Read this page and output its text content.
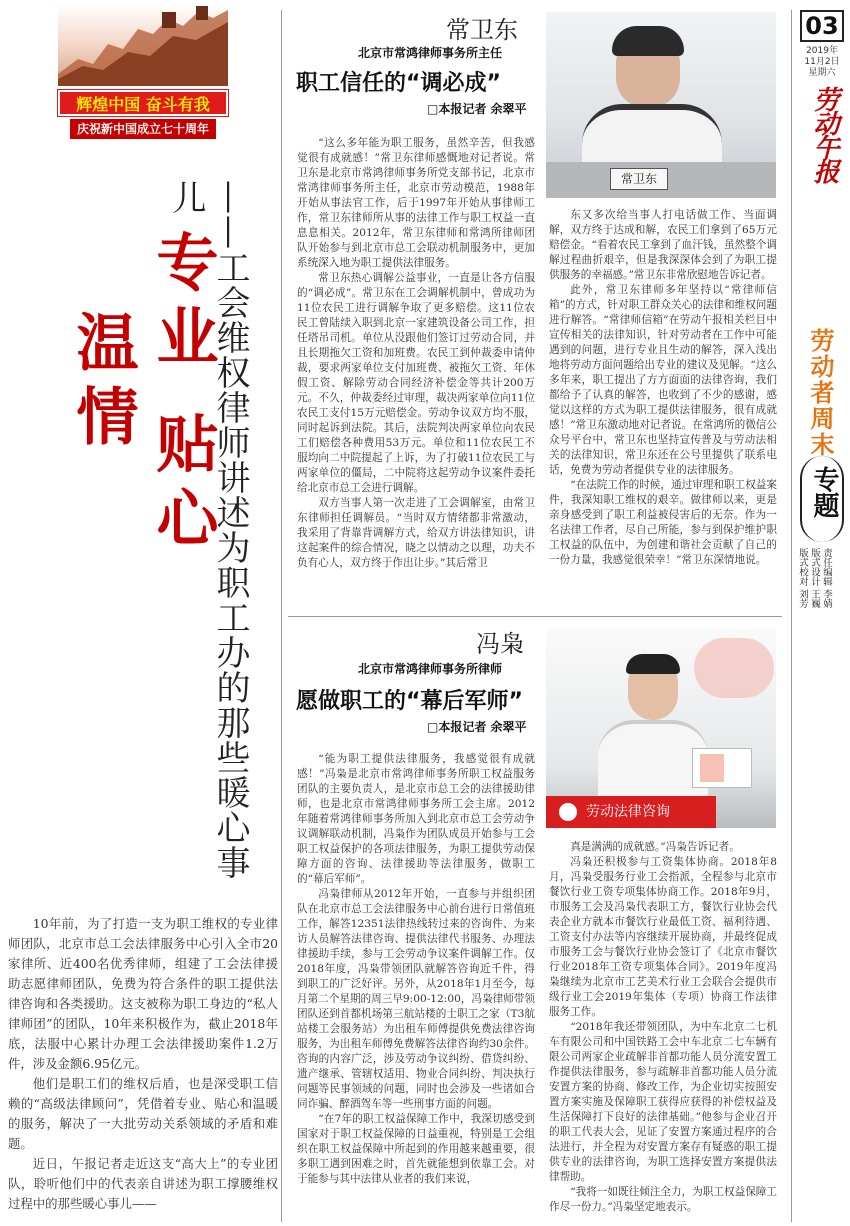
辉煌中国 奋斗有我
庆祝新中国成立七十周年
专业 贴心
温情	——工会维权律师讲述为职工办的那些暖心事儿

10年前，为了打造一支为职工维权的专业律师团队，北京市总工会法律服务中心引入全市20家律所、近400名优秀律师，组建了工会法律援助志愿律师团队，免费为符合条件的职工提供法律咨询和各类援助。这支被称为职工身边的“私人律师团”的团队，10年来积极作为，截止2018年底，法服中心累计办理工会法律援助案件1.2万件，涉及金额6.95亿元。

他们是职工们的维权后盾，也是深受职工信赖的“高级法律顾问”，凭借着专业、贴心和温暖的服务，解决了一大批劳动关系领域的矛盾和难题。

近日，午报记者走近这支“高大上”的专业团队，聆听他们中的代表亲自讲述为职工撑腰维权过程中的那些暖心事儿——

常卫东
北京市常鸿律师事务所主任
职工信任的“调必成”
□本报记者 余翠平
常卫东

“这么多年能为职工服务，虽然辛苦，但我感觉很有成就感！”常卫东律师感慨地对记者说。常卫东是北京市常鸿律师事务所党支部书记，北京市常鸿律师事务所主任，北京市劳动模范，1988年开始从事法官工作，后于1997年开始从事律师工作，常卫东律师所从事的法律工作与职工权益一直息息相关。2012年，常卫东律师和常鸿所律师团队开始参与到北京市总工会联动机制服务中，更加系统深入地为职工提供法律服务。

常卫东热心调解公益事业，一直是让各方信服的“调必成”。常卫东在工会调解机制中，曾成功为11位农民工进行调解争取了更多赔偿。这11位农民工曾陆续入职到北京一家建筑设备公司工作，担任塔吊司机。单位从没跟他们签订过劳动合同，并且长期拖欠工资和加班费。农民工到仲裁委申请仲裁，要求两家单位支付加班费、被拖欠工资、年休假工资、解除劳动合同经济补偿金等共计200万元。不久，仲裁委经过审理，裁决两家单位向11位农民工支付15万元赔偿金。劳动争议双方均不服，同时起诉到法院。其后，法院判决两家单位向农民工们赔偿各种费用53万元。单位和11位农民工不服均向二中院提起了上诉，为了打破11位农民工与两家单位的僵局，二中院将这起劳动争议案件委托给北京市总工会进行调解。

双方当事人第一次走进了工会调解室，由常卫东律师担任调解员。“当时双方情绪都非常激动，我采用了背靠背调解方式，给双方讲法律知识，讲这起案件的综合情况，晓之以情动之以理，功夫不负有心人，双方终于作出让步。”其后常卫

东又多次给当事人打电话做工作、当面调解，双方终于达成和解，农民工们拿到了65万元赔偿金。“看着农民工拿到了血汗钱，虽然整个调解过程曲折艰辛，但是我深深体会到了为职工提供服务的幸福感。”常卫东非常欣慰地告诉记者。

此外，常卫东律师多年坚持以“常律师信箱”的方式，针对职工群众关心的法律和维权问题进行解答。“常律师信箱”在劳动午报相关栏目中宣传相关的法律知识，针对劳动者在工作中可能遇到的问题，进行专业且生动的解答，深入浅出地将劳动方面问题给出专业的建议及见解。“这么多年来，职工提出了方方面面的法律咨询，我们都给予了认真的解答，也收到了不少的感谢，感觉以这样的方式为职工提供法律服务，很有成就感！”常卫东激动地对记者说。在常鸿所的微信公众号平台中，常卫东也坚持宣传普及与劳动法相关的法律知识，常卫东还在公号里提供了联系电话，免费为劳动者提供专业的法律服务。

“在法院工作的时候，通过审理和职工权益案件，我深知职工维权的艰辛。做律师以来，更是亲身感受到了职工利益被侵害后的无奈。作为一名法律工作者，尽自己所能，参与到保护维护职工权益的队伍中，为创建和谐社会贡献了自己的一份力量，我感觉很荣幸！”常卫东深情地说。

冯枭
北京市常鸿律师事务所律师
愿做职工的“幕后军师”
□本报记者 余翠平
劳动法律咨询

“能为职工提供法律服务，我感觉很有成就感！”冯枭是北京市常鸿律师事务所职工权益服务团队的主要负责人，是北京市总工会的法律援助律师，也是北京市常鸿律师事务所工会主席。2012年随着常鸿律师事务所加入到北京市总工会劳动争议调解联动机制，冯枭作为团队成员开始参与工会职工权益保护的各项法律服务，为职工提供劳动保障方面的咨询、法律援助等法律服务，做职工的“幕后军师”。

冯枭律师从2012年开始，一直参与并组织团队在北京市总工会法律服务中心前台进行日常值班工作，解答12351法律热线转过来的咨询件、为来访人员解答法律咨询、提供法律代书服务、办理法律援助手续，参与工会劳动争议案件调解工作。仅2018年度，冯枭带领团队就解答咨询近千件，得到职工的广泛好评。另外，从2018年1月至今，每月第二个星期的周三早9:00-12:00，冯枭律师带领团队还到首都机场第三航站楼的士职工之家（T3航站楼工会服务站）为出租车师傅提供免费法律咨询服务，为出租车师傅免费解答法律咨询约30余件。咨询的内容广泛，涉及劳动争议纠纷、借贷纠纷、遗产继承、管辖权适用、物业合同纠纷、判决执行问题等民事领域的问题，同时也会涉及一些诸如合同诈骗、醉酒驾车等一些刑事方面的问题。

“在7年的职工权益保障工作中，我深切感受到国家对于职工权益保障的日益重视，特别是工会组织在职工权益保障中所起到的作用越来越重要，很多职工遇到困难之时，首先就能想到依靠工会。对于能参与其中法律从业者的我们来说，

真是满满的成就感。”冯枭告诉记者。

冯枭还积极参与工资集体协商。2018年8月，冯枭受服务行业工会指派，全程参与北京市餐饮行业工资专项集体协商工作。2018年9月，市服务工会及冯枭代表职工方，餐饮行业协会代表企业方就本市餐饮行业最低工资、福利待遇、工资支付办法等内容继续开展协商，并最终促成市服务工会与餐饮行业协会签订了《北京市餐饮行业2018年工资专项集体合同》。2019年度冯枭继续为北京市工艺美术行业工会联合会提供市级行业工会2019年集体（专项）协商工作法律服务工作。

“2018年我还带领团队，为中车北京二七机车有限公司和中国铁路工会中车北京二七车辆有限公司两家企业疏解非首都功能人员分流安置工作提供法律服务，参与疏解非首都功能人员分流安置方案的协商、修改工作，为企业切实按照安置方案实施及保障职工获得应获得的补偿权益及生活保障打下良好的法律基础。”他参与企业召开的职工代表大会，见证了安置方案通过程序的合法进行，并全程为对安置方案存有疑惑的职工提供专业的法律咨询，为职工选择安置方案提供法律帮助。

“我将一如既往倾注全力，为职工权益保障工作尽一份力。”冯枭坚定地表示。

03
2019年
11月2日
星期六
劳动午报
劳动者周末
专题
责任编辑 李婧
版式设计 王巍
版式校对 刘芳
